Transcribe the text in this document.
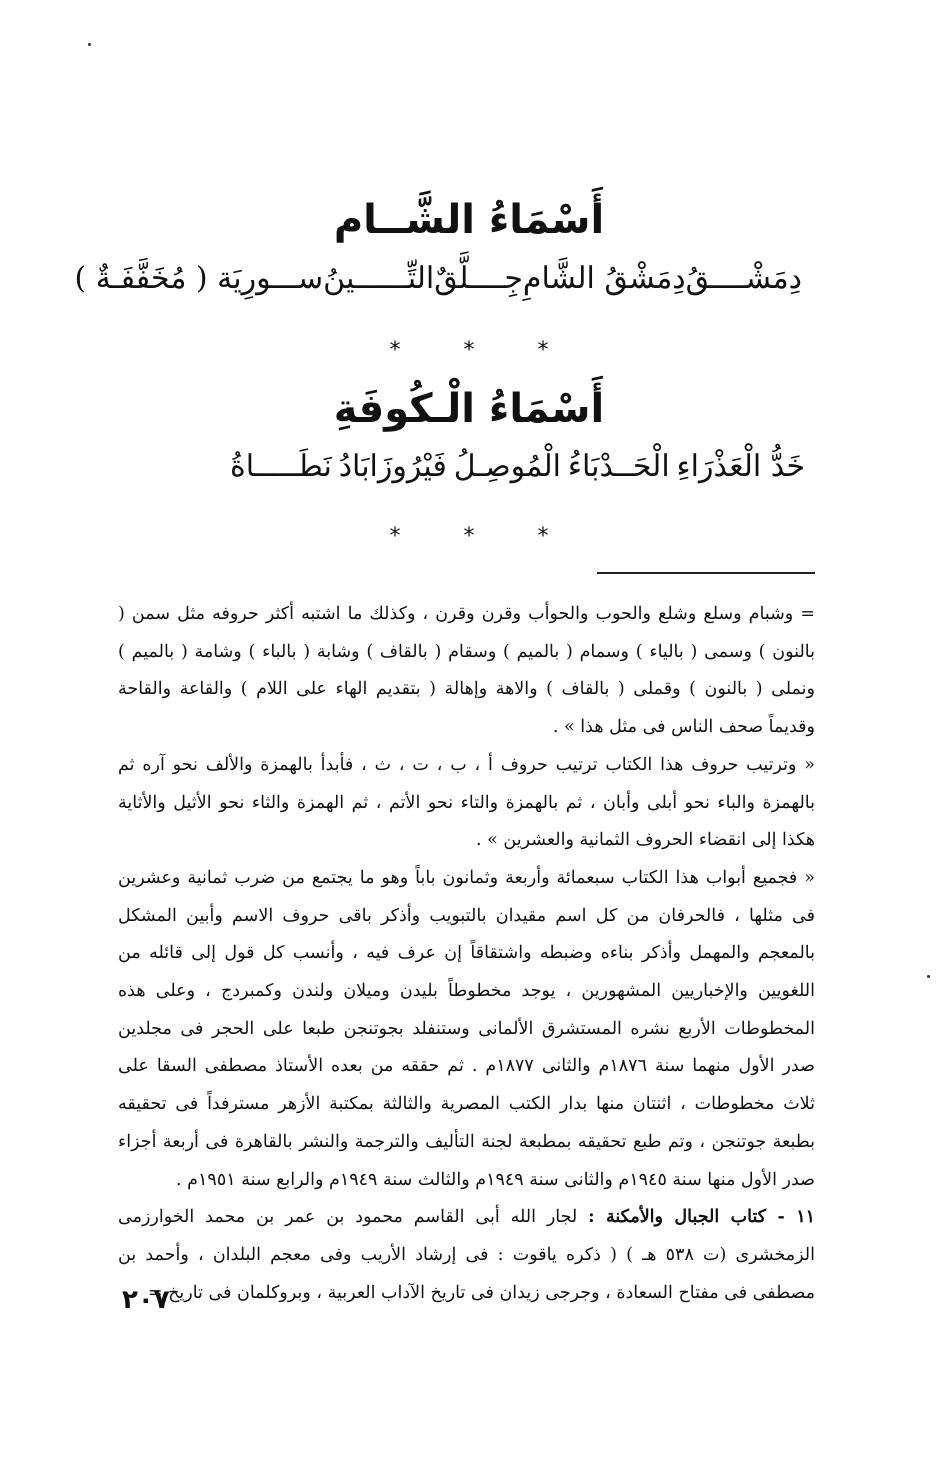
أَسْمَاءُ الشَّــام
دِمَشْــــقُ
دِمَشْقُ الشَّامِ
جِــــلَّقٌ
التِّــــــينُ
ســـورِيَة ( مُخَفَّفَـةٌ )
* * *
أَسْمَاءُ الْـكُوفَةِ
خَدُّ الْعَذْرَاءِ
الْحَــدْبَاءُ
الْمُوصِـلُ
فَيْرُوزَابَادُ
نَطَـــــاةُ
* * *

= وشبام وسلع وشلع والحوب والحوأب وقرن وقرن ، وكذلك ما اشتبه أكثر حروفه مثل سمن ( بالنون ) وسمى ( بالياء ) وسمام ( بالميم ) وسقام ( بالقاف ) وشابة ( بالباء ) وشامة ( بالميم ) ونملى ( بالنون ) وقملى ( بالقاف ) والاهة وإهالة ( بتقديم الهاء على اللام ) والقاعة والقاحة وقديماً صحف الناس فى مثل هذا » .

« وترتيب حروف هذا الكتاب ترتيب حروف أ ، ب ، ت ، ث ، فأبدأ بالهمزة والألف نحو آره ثم بالهمزة والباء نحو أبلى وأبان ، ثم بالهمزة والتاء نحو الأتم ، ثم الهمزة والثاء نحو الأثيل والأثاية هكذا إلى انقضاء الحروف الثمانية والعشرين » .

« فجميع أبواب هذا الكتاب سبعمائة وأربعة وثمانون باباً وهو ما يجتمع من ضرب ثمانية وعشرين فى مثلها ، فالحرفان من كل اسم مقيدان بالتبويب وأذكر باقى حروف الاسم وأبين المشكل بالمعجم والمهمل وأذكر بناءه وضبطه واشتقاقاً إن عرف فيه ، وأنسب كل قول إلى قائله من اللغويين والإخباريين المشهورين ، يوجد مخطوطاً بليدن وميلان ولندن وكمبردج ، وعلى هذه المخطوطات الأربع نشره المستشرق الألمانى وستنفلد بجوتنجن طبعا على الحجر فى مجلدين صدر الأول منهما سنة ١٨٧٦م والثانى ١٨٧٧م . ثم حققه من بعده الأستاذ مصطفى السقا على ثلاث مخطوطات ، اثنتان منها بدار الكتب المصرية والثالثة بمكتبة الأزهر مسترفداً فى تحقيقه بطبعة جوتنجن ، وتم طبع تحقيقه بمطبعة لجنة التأليف والترجمة والنشر بالقاهرة فى أربعة أجزاء صدر الأول منها سنة ١٩٤٥م والثانى سنة ١٩٤٩م والثالث سنة ١٩٤٩م والرابع سنة ١٩٥١م .

١١ - كتاب الجبال والأمكنة : لجار الله أبى القاسم محمود بن عمر بن محمد الخوارزمى الزمخشرى (ت ٥٣٨ هـ ) ( ذكره ياقوت : فى إرشاد الأريب وفى معجم البلدان ، وأحمد بن مصطفى فى مفتاح السعادة ، وجرجى زيدان فى تاريخ الآداب العربية ، وبروكلمان فى تاريخ =

٢٠٧
